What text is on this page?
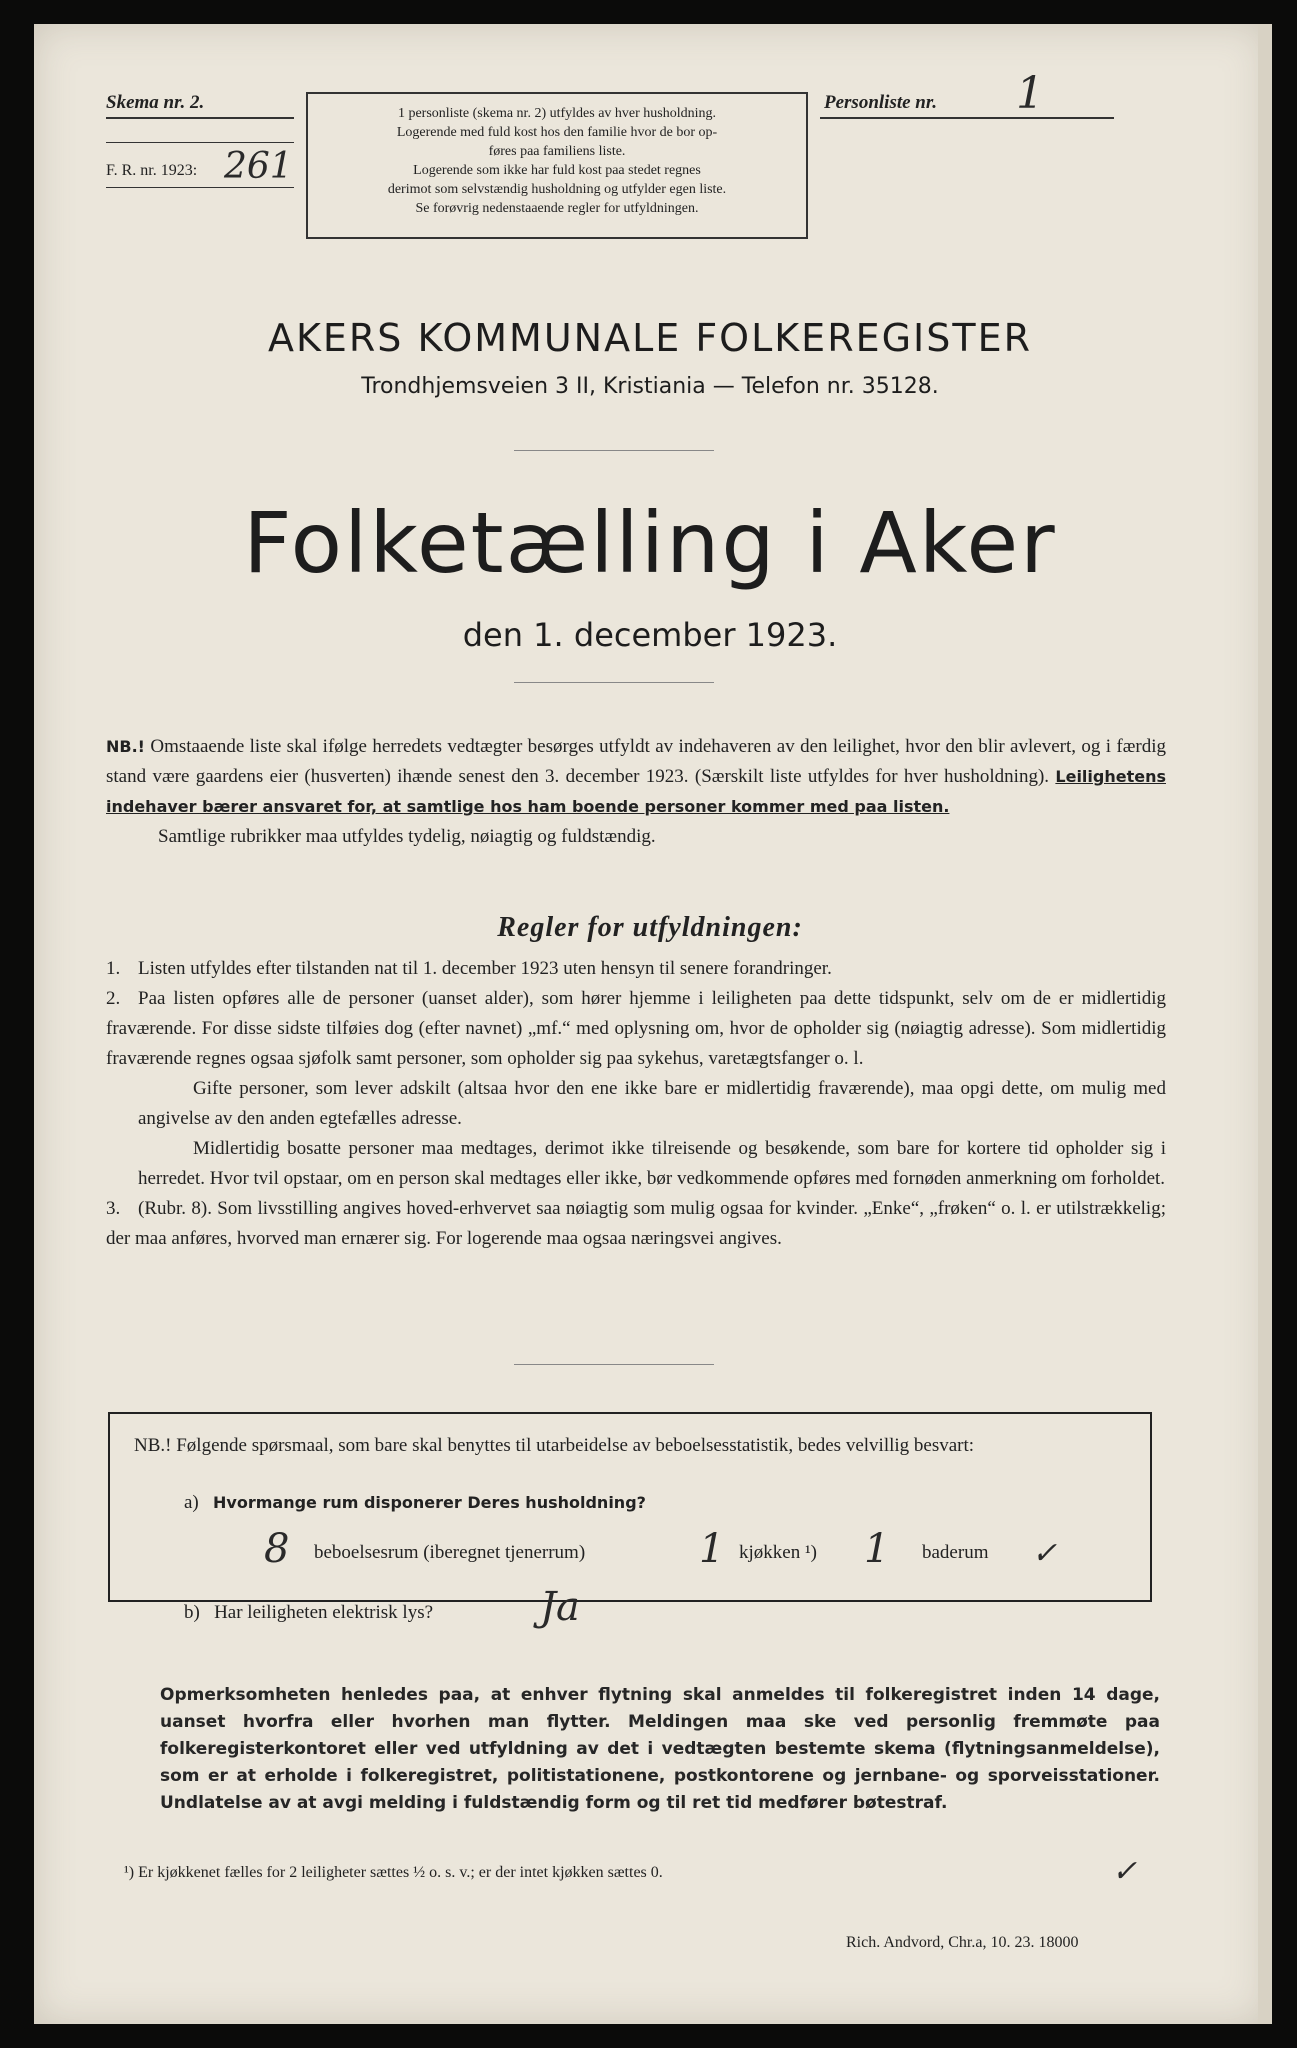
Skema nr. 2.
F. R. nr. 1923: 261
1 personliste (skema nr. 2) utfyldes av hver husholdning.
Logerende med fuld kost hos den familie hvor de bor op-
føres paa familiens liste.
Logerende som ikke har fuld kost paa stedet regnes
derimot som selvstændig husholdning og utfylder egen liste.
Se forøvrig nedenstaaende regler for utfyldningen.
Personliste nr. 1
AKERS KOMMUNALE FOLKEREGISTER
Trondhjemsveien 3 II, Kristiania — Telefon nr. 35128.
Folketælling i Aker
den 1. december 1923.
NB.! Omstaaende liste skal ifølge herredets vedtægter besørges utfyldt av indehaveren av den leilighet, hvor den blir avlevert, og i færdig stand være gaardens eier (husverten) ihænde senest den 3. december 1923. (Særskilt liste utfyldes for hver husholdning). Leilighetens indehaver bærer ansvaret for, at samtlige hos ham boende personer kommer med paa listen.
Samtlige rubrikker maa utfyldes tydelig, nøiagtig og fuldstændig.
Regler for utfyldningen:

1. Listen utfyldes efter tilstanden nat til 1. december 1923 uten hensyn til senere forandringer.

2. Paa listen opføres alle de personer (uanset alder), som hører hjemme i leiligheten paa dette tidspunkt, selv om de er midlertidig fraværende. For disse sidste tilføies dog (efter navnet) „mf.“ med oplysning om, hvor de opholder sig (nøiagtig adresse). Som midlertidig fraværende regnes ogsaa sjøfolk samt personer, som opholder sig paa sykehus, varetægtsfanger o. l.

Gifte personer, som lever adskilt (altsaa hvor den ene ikke bare er midlertidig fraværende), maa opgi dette, om mulig med angivelse av den anden egtefælles adresse.

Midlertidig bosatte personer maa medtages, derimot ikke tilreisende og besøkende, som bare for kortere tid opholder sig i herredet. Hvor tvil opstaar, om en person skal medtages eller ikke, bør vedkommende opføres med fornøden anmerkning om forholdet.

3. (Rubr. 8). Som livsstilling angives hoved-erhvervet saa nøiagtig som mulig ogsaa for kvinder. „Enke“, „frøken“ o. l. er utilstrækkelig; der maa anføres, hvorved man ernærer sig. For logerende maa ogsaa næringsvei angives.

NB.! Følgende spørsmaal, som bare skal benyttes til utarbeidelse av beboelsesstatistik, bedes velvillig besvart:
a) Hvormange rum disponerer Deres husholdning?
8 beboelsesrum (iberegnet tjenerrum)	1 kjøkken ¹) 1 baderum ✓
b) Har leiligheten elektrisk lys?	Ja
Opmerksomheten henledes paa, at enhver flytning skal anmeldes til folkeregistret inden 14 dage, uanset hvorfra eller hvorhen man flytter. Meldingen maa ske ved personlig fremmøte paa folkeregisterkontoret eller ved utfyldning av det i vedtægten bestemte skema (flytningsanmeldelse), som er at erholde i folkeregistret, politistationene, postkontorene og jernbane- og sporveisstationer. Undlatelse av at avgi melding i fuldstændig form og til ret tid medfører bøtestraf.
¹) Er kjøkkenet fælles for 2 leiligheter sættes ½ o. s. v.; er der intet kjøkken sættes 0.	✓
Rich. Andvord, Chr.a, 10. 23. 18000
